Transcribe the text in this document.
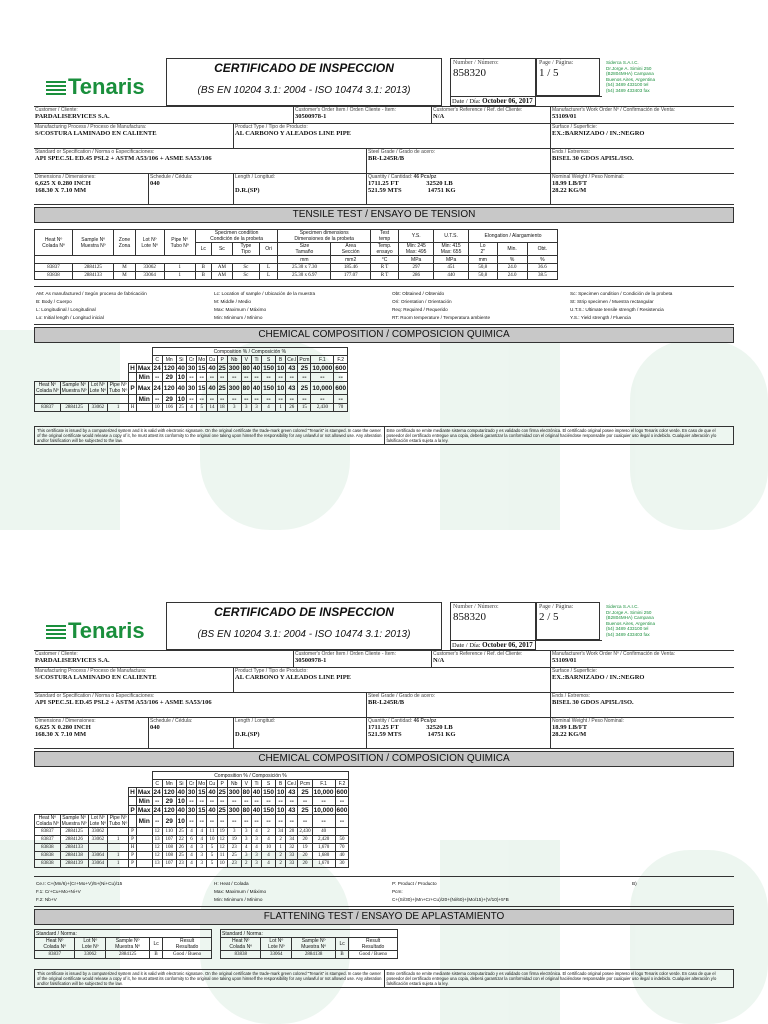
Tenaris
CERTIFICADO DE INSPECCION
(BS EN 10204 3.1: 2004 - ISO 10474 3.1: 2013)
Number / Número:
858320
Page / Página:
1 / 5
Date / Día: October 06, 2017
Siderca S.A.I.C.
Dr.Jorge A. Simini 250
(B2804MHA) Campana
Buenos Aires, Argentina
(54) 3489 433100 tel
(54) 3489 433403 fax
Customer / Cliente:
PARDALISERVICES S.A.
Customer's Order Item / Orden Cliente - Item:
30500978-1
Customer's Reference / Ref. del Cliente:
N/A
Manufacturer's Work Order Nº / Confirmación de Venta:
53109/01
Manufacturing Process / Proceso de Manufactura:
S/COSTURA LAMINADO EN CALIENTE
Product Type / Tipo de Producto:
AL CARBONO Y ALEADOS LINE PIPE
Surface / Superficie:
EX.:BARNIZADO / IN.:NEGRO
Standard or Specification / Norma o Especificaciones:
API SPEC.5L ED.45 PSL2 + ASTM A53/106 + ASME SA53/106
Steel Grade / Grado de acero:
BR-L245R/B
Ends / Extremos:
BISEL 30 GDOS API5L/ISO.
Dimensions / Dimensiones:
6,625 X 0.280 INCH
168.30 X 7.10 MM
Schedule / Cédula:
040
Length / Longitud:
D.R.(SP)
Quantity / Cantidad: 46 Pcs/pz
1711.25 FT	32520 LB
521.59 MTS	14751 KG
Nominal Weight / Peso Nominal:
18.99 LB/FT
28.22 KG/M
TENSILE TEST / ENSAYO DE TENSION
Heat Nº
Colada Nº	Sample Nº
Muestra Nº	Zone
Zona	Lot Nº
Lote Nº	Pipe Nº
Tubo Nº	Specimen condition
Condición de la probeta				Specimen dimensions
Dimensiones de la probeta		Test
temp	Y.S.	U.T.S.	Elongation / Alargamiento		
					Lc	Sc	Type
Tipo	Ori	Size
Tamaño	Area
Sección	Temp.
ensayo	Min: 245
Max: 495	Min: 415
Max: 655	Lo
2"	Min.	Obt.
									mm	mm2	°C	MPa	MPa	mm	%	%
83837	2884125	M	33062	1	B	AM	Sc	L	25.30 x 7.30	185.46	R T	297	451	50,8	24.0	36.6
83838	2884133	M	33064	1	B	AM	Sc	L	25.30 x 6.97	177.07	R T	286	440	50,8	24.0	38.5
AM: As manufactured / Según proceso de fabricación	Lc: Location of sample / Ubicación de la muestra	Obt: Obtained / Obtenido	Sc: Specimen condition / Condición de la probeta
B: Body / Cuerpo	M: Middle / Medio	Ori: Orientation / Orientación	St: Strip specimen / Muestra rectangular
L: Longitudinal / Longitudinal	Max: Maximum / Máximo	Req: Required / Requerido	U.T.S.: Ultimate tensile strength / Resistencia
Lo: Initial length / Longitud inicial	Min: Minimum / Mínimo	RT: Room temperature / Temperatura ambiente	Y.S.: Yield strength / Fluencia
CHEMICAL COMPOSITION / COMPOSICION QUIMICA
						Composition % / Composición %															
						C	Mn	Si	Cr	Mo	Cu	P	Nb	V	Ti	S	B	Ce.I	Pcm	F.1	F.2
				H	Max	24	120	40	30	15	40	25	300	80	40	150	10	43	25	10,000	600
					Min	--	29	10	--	--	--	--	--	--	--	--	--	--	--	--	--
Heat Nº
Colada Nº	Sample Nº
Muestra Nº	Lot Nº
Lote Nº	Pipe Nº
Tubo Nº	P	Max	24	120	40	30	15	40	25	300	80	40	150	10	43	25	10,000	600
					Min	--	29	10	--	--	--	--	--	--	--	--	--	--	--	--	--
83837	2884125	33062	1	H		10	106	25	4	5	14	18	3	3	3	4	1	26	15	2,430	70
This certificate is issued by a computerized system and it is valid with electronic signature. On the original certificate the trade-mark green colored "Tenaris" is stamped. In case the owner of the original certificate would release a copy of it, he must attest its conformity to the original one taking upon himself the responsibility for any unlawful or not allowed use. Any alteration and/or falsification will be subjected to the law.
Este certificado se emite mediante sistema computarizado y es validado con firma electrónica. El certificado original posee impreso el logo Tenaris color verde. En caso de que el poseedor del certificado entregue una copia, deberá garantizar la conformidad con el original haciéndose responsable por cualquier uso ilegal o indebido. Cualquier alteración y/o falsificación estará sujeta a la ley.
Tenaris
CERTIFICADO DE INSPECCION
(BS EN 10204 3.1: 2004 - ISO 10474 3.1: 2013)
Number / Número:
858320
Page / Página:
2 / 5
Date / Día: October 06, 2017
Siderca S.A.I.C.
Dr.Jorge A. Simini 250
(B2804MHA) Campana
Buenos Aires, Argentina
(54) 3489 433100 tel
(54) 3489 433403 fax
Customer / Cliente:
PARDALISERVICES S.A.
Customer's Order Item / Orden Cliente - Item:
30500978-1
Customer's Reference / Ref. del Cliente:
N/A
Manufacturer's Work Order Nº / Confirmación de Venta:
53109/01
Manufacturing Process / Proceso de Manufactura:
S/COSTURA LAMINADO EN CALIENTE
Product Type / Tipo de Producto:
AL CARBONO Y ALEADOS LINE PIPE
Surface / Superficie:
EX.:BARNIZADO / IN.:NEGRO
Standard or Specification / Norma o Especificaciones:
API SPEC.5L ED.45 PSL2 + ASTM A53/106 + ASME SA53/106
Steel Grade / Grado de acero:
BR-L245R/B
Ends / Extremos:
BISEL 30 GDOS API5L/ISO.
Dimensions / Dimensiones:
6,625 X 0.280 INCH
168.30 X 7.10 MM
Schedule / Cédula:
040
Length / Longitud:
D.R.(SP)
Quantity / Cantidad: 46 Pcs/pz
1711.25 FT	32520 LB
521.59 MTS	14751 KG
Nominal Weight / Peso Nominal:
18.99 LB/FT
28.22 KG/M
CHEMICAL COMPOSITION / COMPOSICION QUIMICA
						Composition % / Composición %															
						C	Mn	Si	Cr	Mo	Cu	P	Nb	V	Ti	S	B	Ce.I	Pcm	F.1	F.2
				H	Max	24	120	40	30	15	40	25	300	80	40	150	10	43	25	10,000	600
					Min	--	29	10	--	--	--	--	--	--	--	--	--	--	--	--	--
				P	Max	24	120	40	30	15	40	25	300	80	40	150	10	43	25	10,000	600
Heat Nº
Colada Nº	Sample Nº
Muestra Nº	Lot Nº
Lote Nº	Pipe Nº
Tubo Nº		Min	--	29	10	--	--	--	--	--	--	--	--	--	--	--	--	--
83837	2884125	33062		P		12	110	25	4	4	11	19	3	3	4	2	34	20	2,430	40	
83837	2884126	33062	1	P		13	107	22	6	4	10	12	19	3	3	4	2	34	20	2,420	50
83838	2884133			H		12	108	26	4	3	5	12	23	4	4	10	1	32	19	1,670	70
83838	2884138	33064	1	P		12	108	25	4	3	5	11	25	3	3	4	2	33	20	1,680	40
83838	2884139	33064	1	P		13	107	23	4	3	5	10	23	2	3	4	2	33	20	1,670	30
Ce.I: C+(Mn/6)+(Cr+Mo+V)/5+(Ni+Cu)/15	H: Heat / Colada	P: Product / Producto	B)
F.1: Cr+Cu+Mo+Ni+V	Max: Maximum / Máximo	Pcm:
F.2: Nb+V	Min: Minimum / Mínimo	C+(Si/30)+(Mn+Cr+Cu)/20+(Ni/60)+(Mo/15)+(V/10)+5*B
FLATTENING TEST / ENSAYO DE APLASTAMIENTO
Standard / Norma:				
Heat Nº
Colada Nº	Lot Nº
Lote Nº	Sample Nº
Muestra Nº	Lc	Result
Resultado
83837	33062	2884125	B	Good / Bueno
Standard / Norma:				
Heat Nº
Colada Nº	Lot Nº
Lote Nº	Sample Nº
Muestra Nº	Lc	Result
Resultado
83838	33064	2884138	B	Good / Bueno
This certificate is issued by a computerized system and it is valid with electronic signature. On the original certificate the trade-mark green colored "Tenaris" is stamped. In case the owner of the original certificate would release a copy of it, he must attest its conformity to the original one taking upon himself the responsibility for any unlawful or not allowed use. Any alteration and/or falsification will be subjected to the law.
Este certificado se emite mediante sistema computarizado y es validado con firma electrónica. El certificado original posee impreso el logo Tenaris color verde. En caso de que el poseedor del certificado entregue una copia, deberá garantizar la conformidad con el original haciéndose responsable por cualquier uso ilegal o indebido. Cualquier alteración y/o falsificación estará sujeta a la ley.
